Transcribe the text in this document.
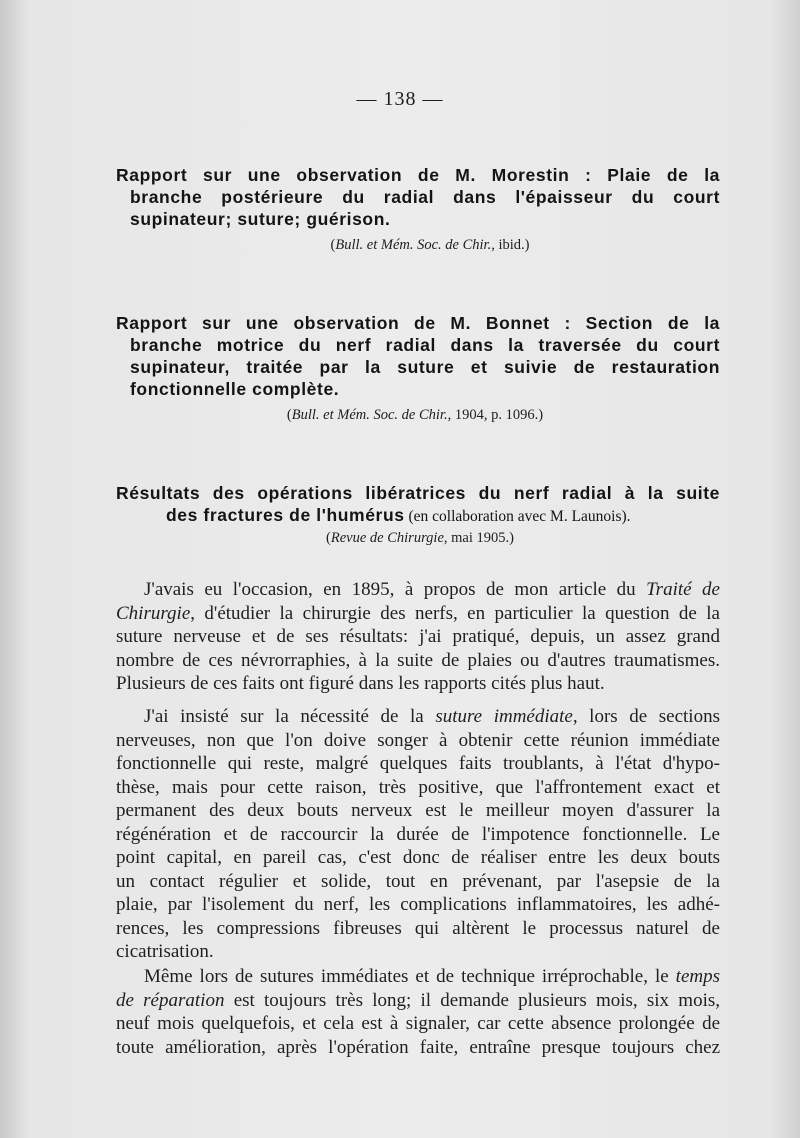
— 138 —
Rapport sur une observation de M. Morestin : Plaie de la
branche postérieure du radial dans l'épaisseur du court
supinateur; suture; guérison.
(Bull. et Mém. Soc. de Chir., ibid.)
Rapport sur une observation de M. Bonnet : Section de la
branche motrice du nerf radial dans la traversée du court
supinateur, traitée par la suture et suivie de restauration
fonctionnelle complète.
(Bull. et Mém. Soc. de Chir., 1904, p. 1096.)
Résultats des opérations libératrices du nerf radial à la suite
des fractures de l'humérus (en collaboration avec M. Launois).
(Revue de Chirurgie, mai 1905.)
J'avais eu l'occasion, en 1895, à propos de mon article du Traité de
Chirurgie, d'étudier la chirurgie des nerfs, en particulier la question de la
suture nerveuse et de ses résultats: j'ai pratiqué, depuis, un assez grand
nombre de ces névrorraphies, à la suite de plaies ou d'autres traumatismes.
Plusieurs de ces faits ont figuré dans les rapports cités plus haut.
J'ai insisté sur la nécessité de la suture immédiate, lors de sections
nerveuses, non que l'on doive songer à obtenir cette réunion immédiate
fonctionnelle qui reste, malgré quelques faits troublants, à l'état d'hypo-
thèse, mais pour cette raison, très positive, que l'affrontement exact et
permanent des deux bouts nerveux est le meilleur moyen d'assurer la
régénération et de raccourcir la durée de l'impotence fonctionnelle. Le
point capital, en pareil cas, c'est donc de réaliser entre les deux bouts
un contact régulier et solide, tout en prévenant, par l'asepsie de la
plaie, par l'isolement du nerf, les complications inflammatoires, les adhé-
rences, les compressions fibreuses qui altèrent le processus naturel de
cicatrisation.
Même lors de sutures immédiates et de technique irréprochable, le temps
de réparation est toujours très long; il demande plusieurs mois, six mois,
neuf mois quelquefois, et cela est à signaler, car cette absence prolongée de
toute amélioration, après l'opération faite, entraîne presque toujours chez
